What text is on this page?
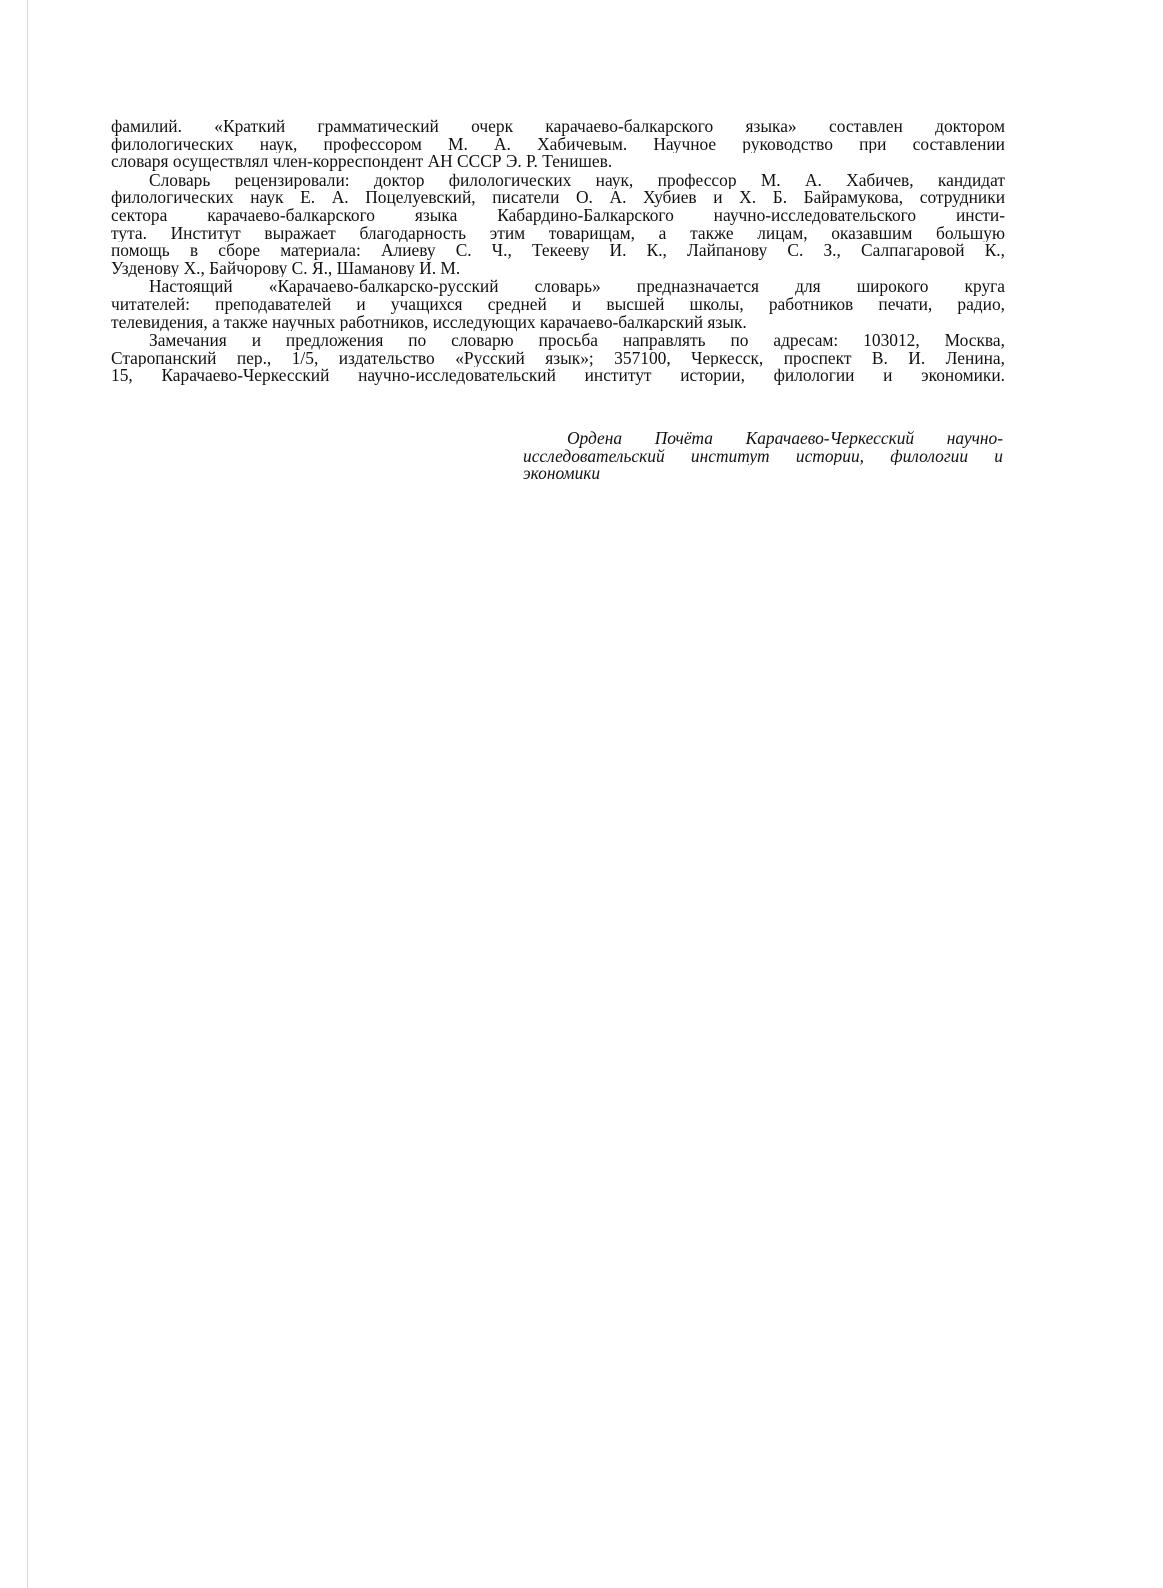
фамилий. «Краткий грамматический очерк карачаево-балкарского языка» составлен доктором
филологических наук, профессором М. А. Хабичевым. Научное руководство при составлении
словаря осуществлял член-корреспондент АН СССР Э. Р. Тенишев.

Словарь рецензировали: доктор филологических наук, профессор М. А. Хабичев, кандидат
филологических наук Е. А. Поцелуевский, писатели О. А. Хубиев и Х. Б. Байрамукова, сотрудники
сектора карачаево-балкарского языка Кабардино-Балкарского научно-исследовательского инсти-
тута. Институт выражает благодарность этим товарищам, а также лицам, оказавшим большую
помощь в сборе материала: Алиеву С. Ч., Текееву И. К., Лайпанову С. З., Салпагаровой К.,
Узденову Х., Байчорову С. Я., Шаманову И. М.

Настоящий «Карачаево-балкарско-русский словарь» предназначается для широкого круга
читателей: преподавателей и учащихся средней и высшей школы, работников печати, радио,
телевидения, а также научных работников, исследующих карачаево-балкарский язык.

Замечания и предложения по словарю просьба направлять по адресам: 103012, Москва,
Старопанский пер., 1/5, издательство «Русский язык»; 357100, Черкесск, проспект В. И. Ленина,
15, Карачаево-Черкесский научно-исследовательский институт истории, филологии и экономики.

Ордена Почёта Карачаево-Черкесский научно-
исследовательский институт истории, филологии и
экономики
